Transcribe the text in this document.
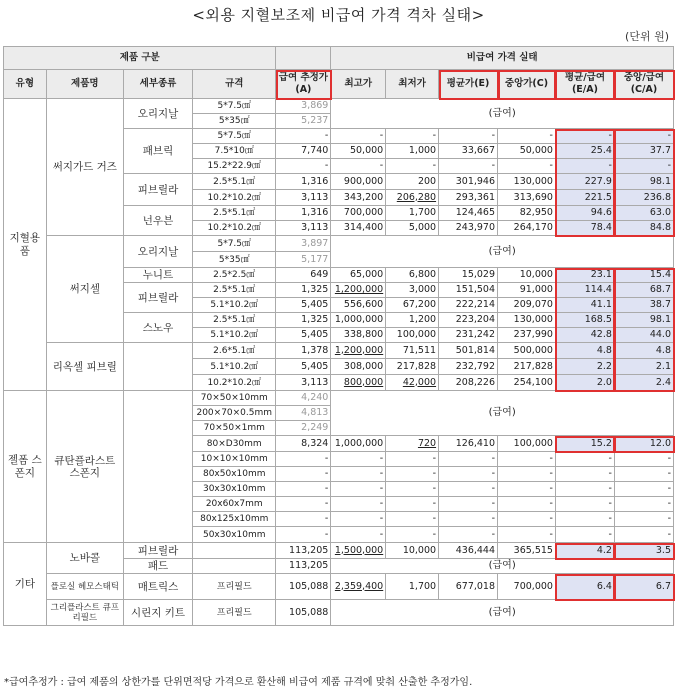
<외용 지혈보조제 비급여 가격 격차 실태>
(단위 원)
제품 구분					비급여 가격 실태					
유형	제품명	세부종류	규격	급여 추정가(A)	최고가	최저가	평균가(E)	중앙가(C)	평균/급여 (E/A)	중앙/급여 (C/A)
지혈용품	써지가드 거즈	오리지날	5*7.5㎠	3,869	(급여)					
			5*35㎠	5,237						
		패브릭	5*7.5㎠	-	-	-	-	-	-	-
			7.5*10㎠	7,740	50,000	1,000	33,667	50,000	25.4	37.7
			15.2*22.9㎠	-	-	-	-	-	-	-
		피브릴라	2.5*5.1㎠	1,316	900,000	200	301,946	130,000	227.9	98.1
			10.2*10.2㎠	3,113	343,200	206,280	293,361	313,690	221.5	236.8
		넌우븐	2.5*5.1㎠	1,316	700,000	1,700	124,465	82,950	94.6	63.0
			10.2*10.2㎠	3,113	314,400	5,000	243,970	264,170	78.4	84.8
	써지셀	오리지날	5*7.5㎠	3,897	(급여)					
			5*35㎠	5,177						
		누니트	2.5*2.5㎠	649	65,000	6,800	15,029	10,000	23.1	15.4
		피브릴라	2.5*5.1㎠	1,325	1,200,000	3,000	151,504	91,000	114.4	68.7
			5.1*10.2㎠	5,405	556,600	67,200	222,214	209,070	41.1	38.7
		스노우	2.5*5.1㎠	1,325	1,000,000	1,200	223,204	130,000	168.5	98.1
			5.1*10.2㎠	5,405	338,800	100,000	231,242	237,990	42.8	44.0
	리옥셀 피브릴		2.6*5.1㎠	1,378	1,200,000	71,511	501,814	500,000	4.8	4.8
			5.1*10.2㎠	5,405	308,000	217,828	232,792	217,828	2.2	2.1
			10.2*10.2㎠	3,113	800,000	42,000	208,226	254,100	2.0	2.4
젤폼 스폰지	큐탄플라스트 스폰지		70×50×10mm	4,240	(급여)					
			200×70×0.5mm	4,813						
			70×50×1mm	2,249						
			80×D30mm	8,324	1,000,000	720	126,410	100,000	15.2	12.0
			10×10×10mm	-	-	-	-	-	-	-
			80x50x10mm	-	-	-	-	-	-	-
			30x30x10mm	-	-	-	-	-	-	-
			20x60x7mm	-	-	-	-	-	-	-
			80x125x10mm	-	-	-	-	-	-	-
			50x30x10mm	-	-	-	-	-	-	-
기타	노바콜	피브릴라		113,205	1,500,000	10,000	436,444	365,515	4.2	3.5
		패드		113,205	(급여)					
	플로실 헤모스태틱	매트릭스	프리필드	105,088	2,359,400	1,700	677,018	700,000	6.4	6.7
	그리플라스트 큐프리필드	시린지 키트	프리필드	105,088	(급여)					
*급여추정가 : 급여 제품의 상한가를 단위면적당 가격으로 환산해 비급여 제품 규격에 맞춰 산출한 추정가임.
